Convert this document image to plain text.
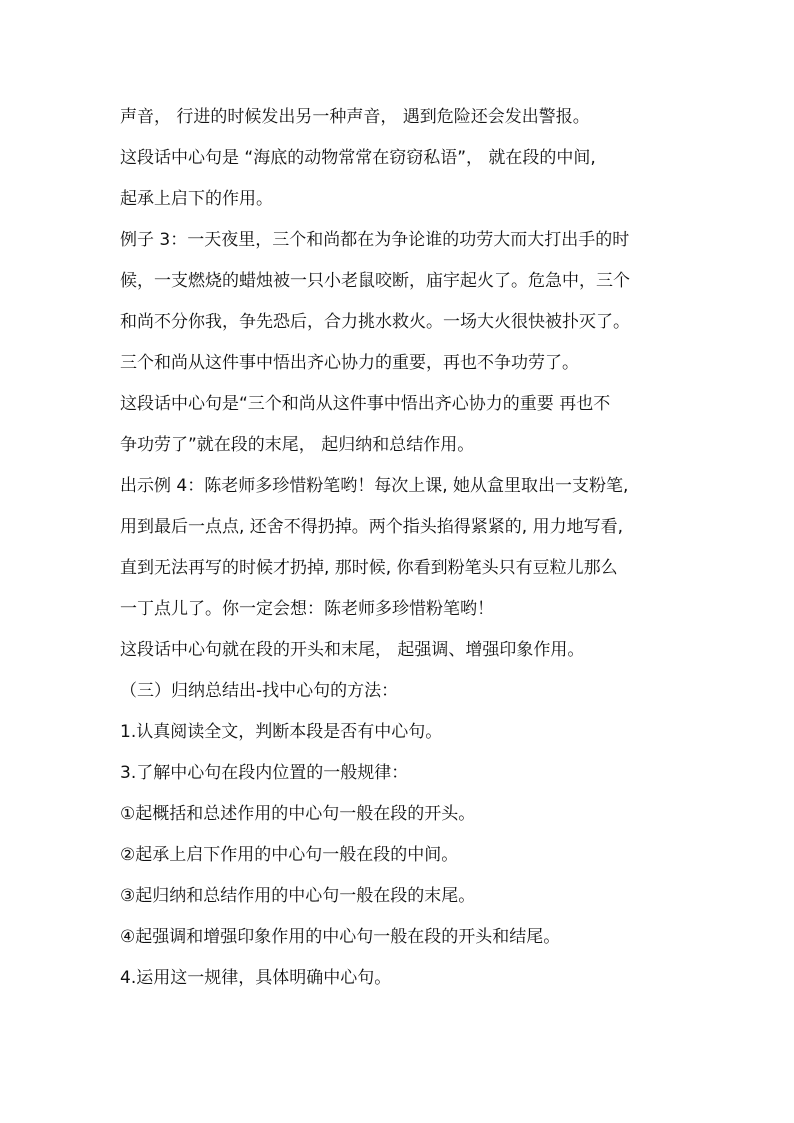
声音， 行进的时候发出另一种声音， 遇到危险还会发出警报。
这段话中心句是 “海底的动物常常在窃窃私语”， 就在段的中间,
起承上启下的作用。
例子 3：一天夜里，三个和尚都在为争论谁的功劳大而大打出手的时
候，一支燃烧的蜡烛被一只小老鼠咬断，庙宇起火了。危急中，三个
和尚不分你我，争先恐后，合力挑水救火。一场大火很快被扑灭了。
三个和尚从这件事中悟出齐心协力的重要，再也不争功劳了。
这段话中心句是“三个和尚从这件事中悟出齐心协力的重要 再也不
争功劳了”就在段的末尾， 起归纳和总结作用。
出示例 4：陈老师多珍惜粉笔哟！每次上课, 她从盒里取出一支粉笔,
用到最后一点点, 还舍不得扔掉。两个指头掐得紧紧的, 用力地写看,
直到无法再写的时候才扔掉, 那时候, 你看到粉笔头只有豆粒儿那么
一丁点儿了。你一定会想：陈老师多珍惜粉笔哟！
这段话中心句就在段的开头和末尾， 起强调、增强印象作用。
（三）归纳总结出-找中心句的方法：
1.认真阅读全文，判断本段是否有中心句。
3.了解中心句在段内位置的一般规律：
①起概括和总述作用的中心句一般在段的开头。
②起承上启下作用的中心句一般在段的中间。
③起归纳和总结作用的中心句一般在段的末尾。
④起强调和增强印象作用的中心句一般在段的开头和结尾。
4.运用这一规律，具体明确中心句。
